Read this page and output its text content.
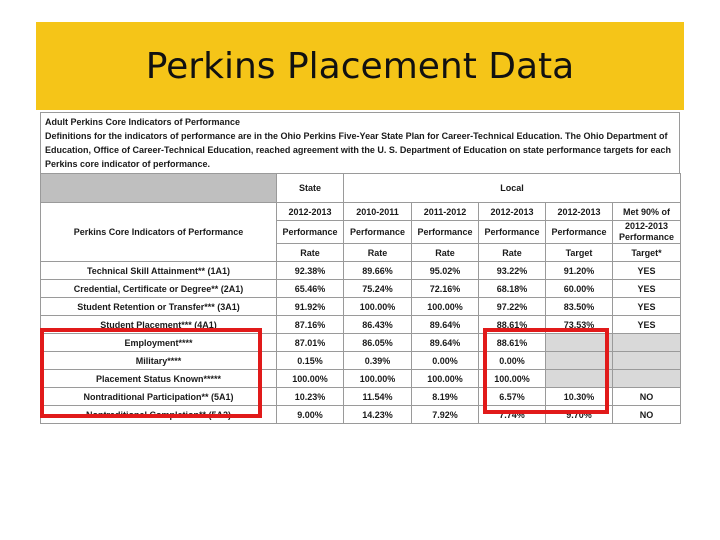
Perkins Placement Data
Adult Perkins Core Indicators of Performance
Definitions for the indicators of performance are in the Ohio Perkins Five-Year State Plan for Career-Technical Education. The Ohio Department of
Education, Office of Career-Technical Education, reached agreement with the U. S. Department of Education on state performance targets for each
Perkins core indicator of performance.
	State	Local				
Perkins Core Indicators of Performance	2012-2013	2010-2011	2011-2012	2012-2013	2012-2013	Met 90% of
	Performance	Performance	Performance	Performance	Performance	2012-2013
Performance

	Rate	Rate	Rate	Rate	Target	Target*
Technical Skill Attainment** (1A1)	92.38%	89.66%	95.02%	93.22%	91.20%	YES
Credential, Certificate or Degree** (2A1)	65.46%	75.24%	72.16%	68.18%	60.00%	YES
Student Retention or Transfer*** (3A1)	91.92%	100.00%	100.00%	97.22%	83.50%	YES
Student Placement*** (4A1)	87.16%	86.43%	89.64%	88.61%	73.53%	YES
Employment****	87.01%	86.05%	89.64%	88.61%		
Military****	0.15%	0.39%	0.00%	0.00%		
Placement Status Known*****	100.00%	100.00%	100.00%	100.00%		
Nontraditional Participation** (5A1)	10.23%	11.54%	8.19%	6.57%	10.30%	NO
Nontraditional Completion** (5A2)	9.00%	14.23%	7.92%	7.74%	9.70%	NO
